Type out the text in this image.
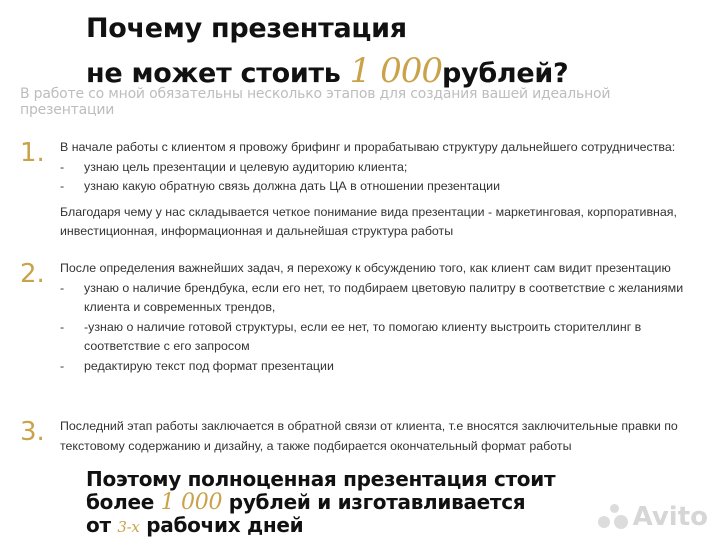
Почему презентация
не может стоить 1 000рублей?
В работе со мной обязательны несколько этапов для создания вашей идеальной презентации
1. В начале работы с клиентом я провожу брифинг и прорабатываю структуру дальнейшего сотрудничества:

- узнаю цель презентации и целевую аудиторию клиента;
- узнаю какую обратную связь должна дать ЦА в отношении презентации

Благодаря чему у нас складывается четкое понимание вида презентации - маркетинговая, корпоративная, инвестиционная, информационная и дальнейшая структура работы

2. После определения важнейших задач, я перехожу к обсуждению того, как клиент сам видит презентацию

- узнаю о наличие брендбука, если его нет, то подбираем цветовую палитру в соответствие с желаниями клиента и современных трендов,
- -узнаю о наличие готовой структуры, если ее нет, то помогаю клиенту выстроить сторителлинг в соответствие с его запросом
- редактирую текст под формат презентации
3. Последний этап работы заключается в обратной связи от клиента, т.е вносятся заключительные правки по текстовому содержанию и дизайну, а также подбирается окончательный формат работы

Поэтому полноценная презентация стоит
более 1 000 рублей и изготавливается
от 3-х рабочих дней	Avito
